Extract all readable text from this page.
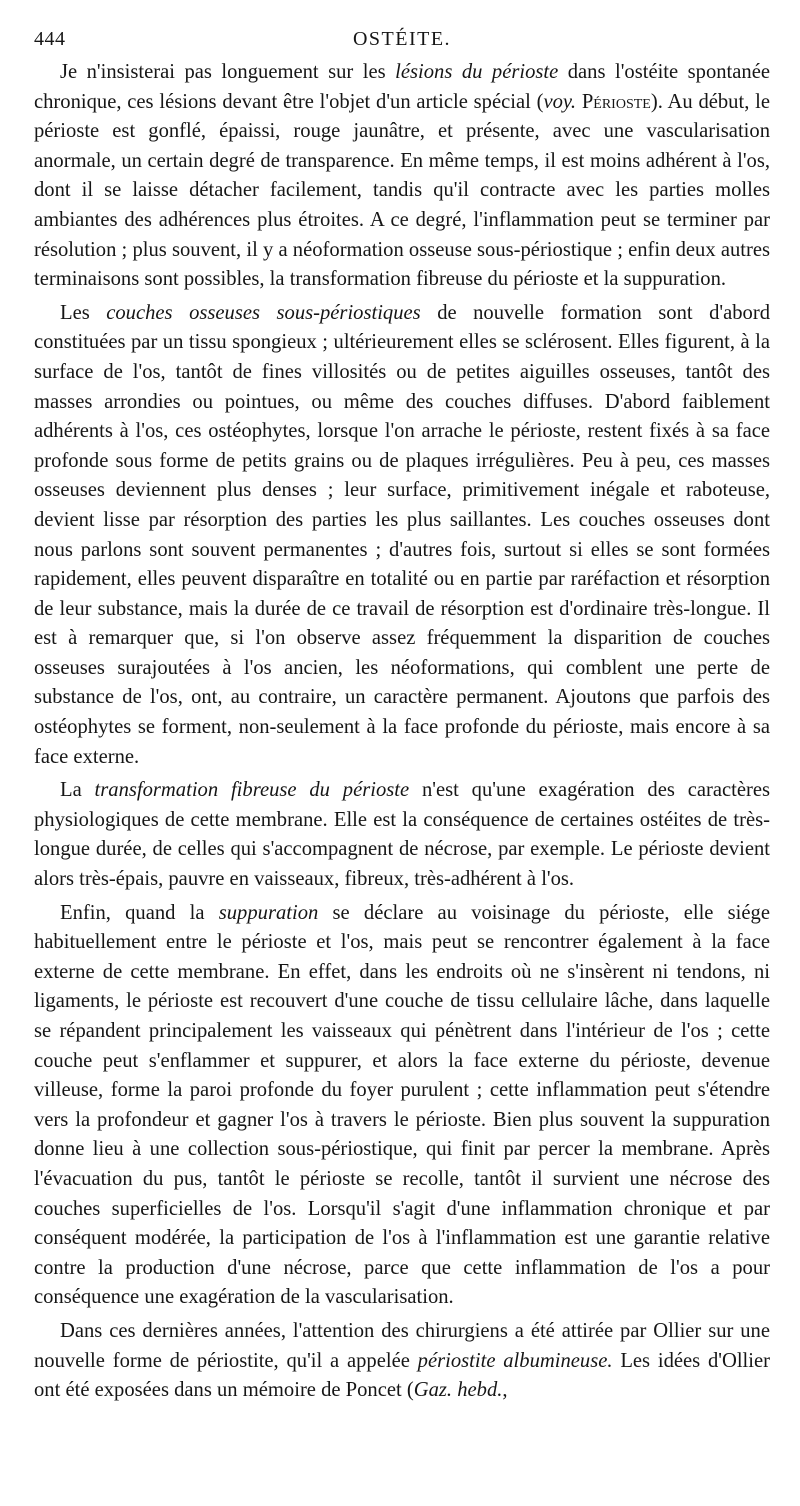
444	OSTÉITE.

Je n'insisterai pas longuement sur les lésions du périoste dans l'ostéite spontanée chronique, ces lésions devant être l'objet d'un article spécial (voy. Périoste). Au début, le périoste est gonflé, épaissi, rouge jaunâtre, et présente, avec une vascularisation anormale, un certain degré de transparence. En même temps, il est moins adhérent à l'os, dont il se laisse détacher facilement, tandis qu'il contracte avec les parties molles ambiantes des adhérences plus étroites. A ce degré, l'inflammation peut se terminer par résolution ; plus souvent, il y a néoformation osseuse sous-périostique ; enfin deux autres terminaisons sont possibles, la transformation fibreuse du périoste et la suppuration.

Les couches osseuses sous-périostiques de nouvelle formation sont d'abord constituées par un tissu spongieux ; ultérieurement elles se sclérosent. Elles figurent, à la surface de l'os, tantôt de fines villosités ou de petites aiguilles osseuses, tantôt des masses arrondies ou pointues, ou même des couches diffuses. D'abord faiblement adhérents à l'os, ces ostéophytes, lorsque l'on arrache le périoste, restent fixés à sa face profonde sous forme de petits grains ou de plaques irrégulières. Peu à peu, ces masses osseuses deviennent plus denses ; leur surface, primitivement inégale et raboteuse, devient lisse par résorption des parties les plus saillantes. Les couches osseuses dont nous parlons sont souvent permanentes ; d'autres fois, surtout si elles se sont formées rapidement, elles peuvent disparaître en totalité ou en partie par raréfaction et résorption de leur substance, mais la durée de ce travail de résorption est d'ordinaire très-longue. Il est à remarquer que, si l'on observe assez fréquemment la disparition de couches osseuses surajoutées à l'os ancien, les néoformations, qui comblent une perte de substance de l'os, ont, au contraire, un caractère permanent. Ajoutons que parfois des ostéophytes se forment, non-seulement à la face profonde du périoste, mais encore à sa face externe.

La transformation fibreuse du périoste n'est qu'une exagération des caractères physiologiques de cette membrane. Elle est la conséquence de certaines ostéites de très-longue durée, de celles qui s'accompagnent de nécrose, par exemple. Le périoste devient alors très-épais, pauvre en vaisseaux, fibreux, très-adhérent à l'os.

Enfin, quand la suppuration se déclare au voisinage du périoste, elle siége habituellement entre le périoste et l'os, mais peut se rencontrer également à la face externe de cette membrane. En effet, dans les endroits où ne s'insèrent ni tendons, ni ligaments, le périoste est recouvert d'une couche de tissu cellulaire lâche, dans laquelle se répandent principalement les vaisseaux qui pénètrent dans l'intérieur de l'os ; cette couche peut s'enflammer et suppurer, et alors la face externe du périoste, devenue villeuse, forme la paroi profonde du foyer purulent ; cette inflammation peut s'étendre vers la profondeur et gagner l'os à travers le périoste. Bien plus souvent la suppuration donne lieu à une collection sous-périostique, qui finit par percer la membrane. Après l'évacuation du pus, tantôt le périoste se recolle, tantôt il survient une nécrose des couches superficielles de l'os. Lorsqu'il s'agit d'une inflammation chronique et par conséquent modérée, la participation de l'os à l'inflammation est une garantie relative contre la production d'une nécrose, parce que cette inflammation de l'os a pour conséquence une exagération de la vascularisation.

Dans ces dernières années, l'attention des chirurgiens a été attirée par Ollier sur une nouvelle forme de périostite, qu'il a appelée périostite albumineuse. Les idées d'Ollier ont été exposées dans un mémoire de Poncet (Gaz. hebd.,
